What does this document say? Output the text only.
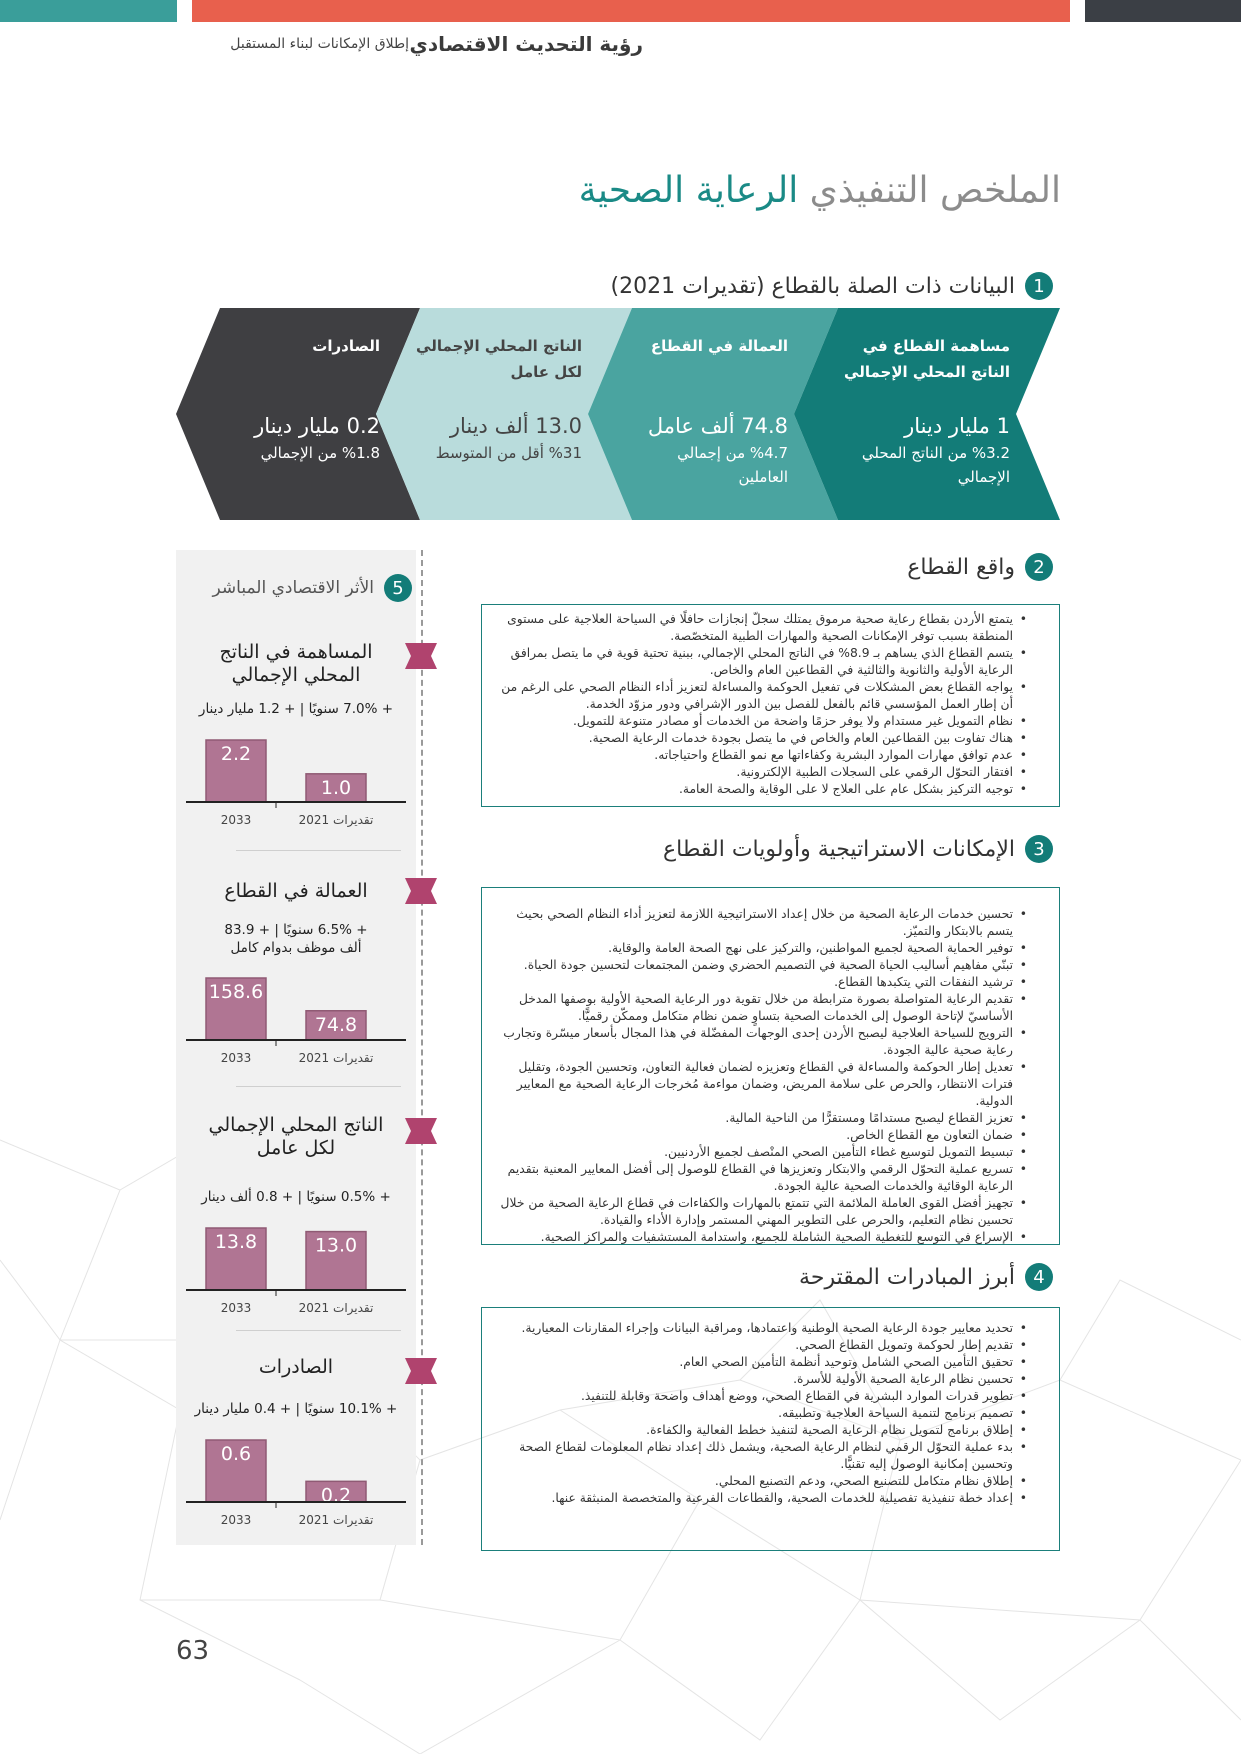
رؤية التحديث الاقتصادي
إطلاق الإمكانات لبناء المستقبل
الملخص التنفيذي الرعاية الصحية
1
البيانات ذات الصلة بالقطاع (تقديرات 2021)
مساهمة القطاع في
الناتج المحلي الإجمالي
1 مليار دينار
%3.2 من الناتج المحلي
الإجمالي
العمالة في القطاع
74.8 ألف عامل
%4.7 من إجمالي
العاملين
الناتج المحلي الإجمالي
لكل عامل
13.0 ألف دينار
%31 أقل من المتوسط
الصادرات
0.2 مليار دينار
%1.8 من الإجمالي
2
واقع القطاع
• يتمتع الأردن بقطاع رعاية صحية مرموق يمتلك سجلّ إنجازات حافلًا في السياحة العلاجية على مستوى المنطقة بسبب توفر الإمكانات الصحية والمهارات الطبية المتخصّصة.
• يتسم القطاع الذي يساهم بـ 8.9% في الناتج المحلي الإجمالي، ببنية تحتية قوية في ما يتصل بمرافق الرعاية الأولية والثانوية والثالثية في القطاعين العام والخاص.
• يواجه القطاع بعض المشكلات في تفعيل الحوكمة والمساءلة لتعزيز أداء النظام الصحي على الرغم من أن إطار العمل المؤسسي قائم بالفعل للفصل بين الدور الإشرافي ودور مزوّد الخدمة.
• نظام التمويل غير مستدام ولا يوفر حزمًا واضحة من الخدمات أو مصادر متنوعة للتمويل.
• هناك تفاوت بين القطاعين العام والخاص في ما يتصل بجودة خدمات الرعاية الصحية.
• عدم توافق مهارات الموارد البشرية وكفاءاتها مع نمو القطاع واحتياجاته.
• افتقار التحوّل الرقمي على السجلات الطبية الإلكترونية.
• توجيه التركيز بشكل عام على العلاج لا على الوقاية والصحة العامة.
3
الإمكانات الاستراتيجية وأولويات القطاع
• تحسين خدمات الرعاية الصحية من خلال إعداد الاستراتيجية اللازمة لتعزيز أداء النظام الصحي بحيث يتسم بالابتكار والتميّز.
• توفير الحماية الصحية لجميع المواطنين، والتركيز على نهج الصحة العامة والوقاية.
• تبنّي مفاهيم أساليب الحياة الصحية في التصميم الحضري وضمن المجتمعات لتحسين جودة الحياة.
• ترشيد النفقات التي يتكبدها القطاع.
• تقديم الرعاية المتواصلة بصورة مترابطة من خلال تقوية دور الرعاية الصحية الأولية بوصفها المدخل الأساسيّ لإتاحة الوصول إلى الخدمات الصحية بتساوٍ ضمن نظام متكامل وممكّن رقميًّا.
• الترويج للسياحة العلاجية ليصبح الأردن إحدى الوجهات المفضّلة في هذا المجال بأسعار ميسّرة وتجارب رعاية صحية عالية الجودة.
• تعديل إطار الحوكمة والمساءلة في القطاع وتعزيزه لضمان فعالية التعاون، وتحسين الجودة، وتقليل فترات الانتظار، والحرص على سلامة المريض، وضمان مواءمة مُخرجات الرعاية الصحية مع المعايير الدولية.
• تعزيز القطاع ليصبح مستدامًا ومستقرًّا من الناحية المالية.
• ضمان التعاون مع القطاع الخاص.
• تبسيط التمويل لتوسيع غطاء التأمين الصحي المنْصف لجميع الأردنيين.
• تسريع عملية التحوّل الرقمي والابتكار وتعزيزها في القطاع للوصول إلى أفضل المعايير المعنية بتقديم الرعاية الوقائية والخدمات الصحية عالية الجودة.
• تجهيز أفضل القوى العاملة الملائمة التي تتمتع بالمهارات والكفاءات في قطاع الرعاية الصحية من خلال تحسين نظام التعليم، والحرص على التطوير المهني المستمر وإدارة الأداء والقيادة.
• الإسراع في التوسع للتغطية الصحية الشاملة للجميع، واستدامة المستشفيات والمراكز الصحية.
4
أبرز المبادرات المقترحة
• تحديد معايير جودة الرعاية الصحية الوطنية واعتمادها، ومراقبة البيانات وإجراء المقارنات المعيارية.
• تقديم إطار لحوكمة وتمويل القطاع الصحي.
• تحقيق التأمين الصحي الشامل وتوحيد أنظمة التأمين الصحي العام.
• تحسين نظام الرعاية الصحية الأولية للأسرة.
• تطوير قدرات الموارد البشرية في القطاع الصحي، ووضع أهداف واضحة وقابلة للتنفيذ.
• تصميم برنامج لتنمية السياحة العلاجية وتطبيقه.
• إطلاق برنامج لتمويل نظام الرعاية الصحية لتنفيذ خطط الفعالية والكفاءة.
• بدء عملية التحوّل الرقمي لنظام الرعاية الصحية، ويشمل ذلك إعداد نظام المعلومات لقطاع الصحة وتحسين إمكانية الوصول إليه تقنيًّا.
• إطلاق نظام متكامل للتصنيع الصحي، ودعم التصنيع المحلي.
• إعداد خطة تنفيذية تفصيلية للخدمات الصحية، والقطاعات الفرعية والمتخصصة المنبثقة عنها.
5
الأثر الاقتصادي المباشر
المساهمة في الناتج المحلي الإجمالي
+ 7.0% سنويًا | + 1.2 مليار دينار
2.2
2033
1.0
تقديرات 2021
العمالة في القطاع
+ 6.5% سنويًا | + 83.9 ألف موظف بدوام كامل
158.6
2033
74.8
تقديرات 2021
الناتج المحلي الإجمالي لكل عامل
+ 0.5% سنويًا | + 0.8 ألف دينار
13.8
2033
13.0
تقديرات 2021
الصادرات
+ 10.1% سنويًا | + 0.4 مليار دينار
0.6
2033
0.2
تقديرات 2021
63
